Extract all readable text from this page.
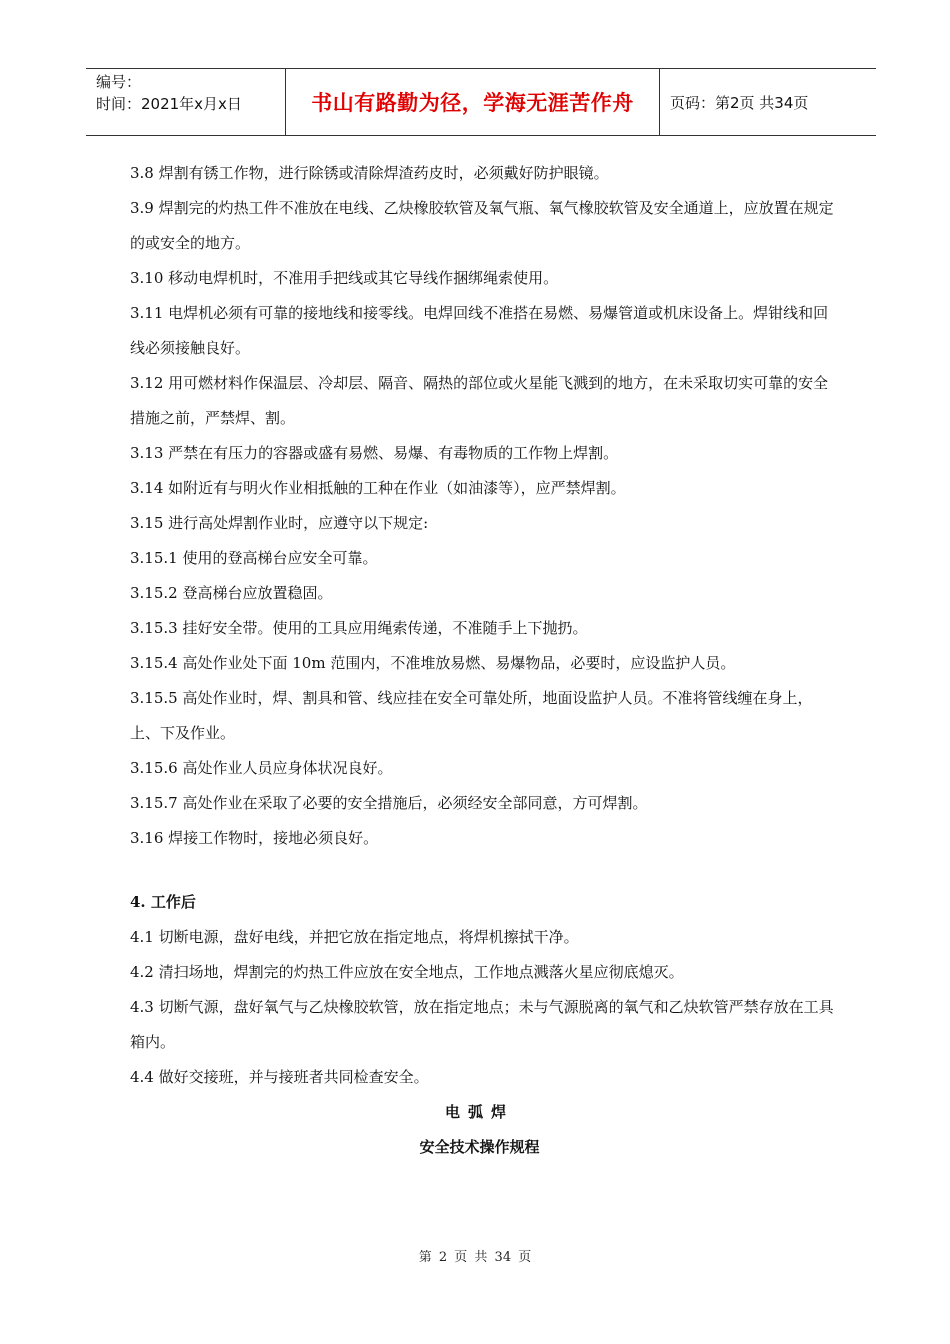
编号：
时间：2021年x月x日	书山有路勤为径，学海无涯苦作舟	页码：第2页 共34页
3.8 焊割有锈工作物，进行除锈或清除焊渣药皮时，必须戴好防护眼镜。
3.9 焊割完的灼热工件不准放在电线、乙炔橡胶软管及氧气瓶、氧气橡胶软管及安全通道上，应放置在规定的或安全的地方。
3.10 移动电焊机时，不准用手把线或其它导线作捆绑绳索使用。
3.11 电焊机必须有可靠的接地线和接零线。电焊回线不准搭在易燃、易爆管道或机床设备上。焊钳线和回线必须接触良好。
3.12 用可燃材料作保温层、冷却层、隔音、隔热的部位或火星能飞溅到的地方，在未采取切实可靠的安全措施之前，严禁焊、割。
3.13 严禁在有压力的容器或盛有易燃、易爆、有毒物质的工作物上焊割。
3.14 如附近有与明火作业相抵触的工种在作业（如油漆等），应严禁焊割。
3.15 进行高处焊割作业时，应遵守以下规定:
3.15.1 使用的登高梯台应安全可靠。
3.15.2 登高梯台应放置稳固。
3.15.3 挂好安全带。使用的工具应用绳索传递，不准随手上下抛扔。
3.15.4 高处作业处下面 10m 范围内，不准堆放易燃、易爆物品，必要时，应设监护人员。
3.15.5 高处作业时，焊、割具和管、线应挂在安全可靠处所，地面设监护人员。不准将管线缠在身上，上、下及作业。
3.15.6 高处作业人员应身体状况良好。
3.15.7 高处作业在采取了必要的安全措施后，必须经安全部同意，方可焊割。
3.16 焊接工作物时，接地必须良好。
4. 工作后
4.1 切断电源，盘好电线，并把它放在指定地点，将焊机擦拭干净。
4.2 清扫场地，焊割完的灼热工件应放在安全地点，工作地点溅落火星应彻底熄灭。
4.3 切断气源，盘好氧气与乙炔橡胶软管，放在指定地点；未与气源脱离的氧气和乙炔软管严禁存放在工具箱内。
4.4 做好交接班，并与接班者共同检查安全。
电弧焊
安全技术操作规程
第 2 页 共 34 页
